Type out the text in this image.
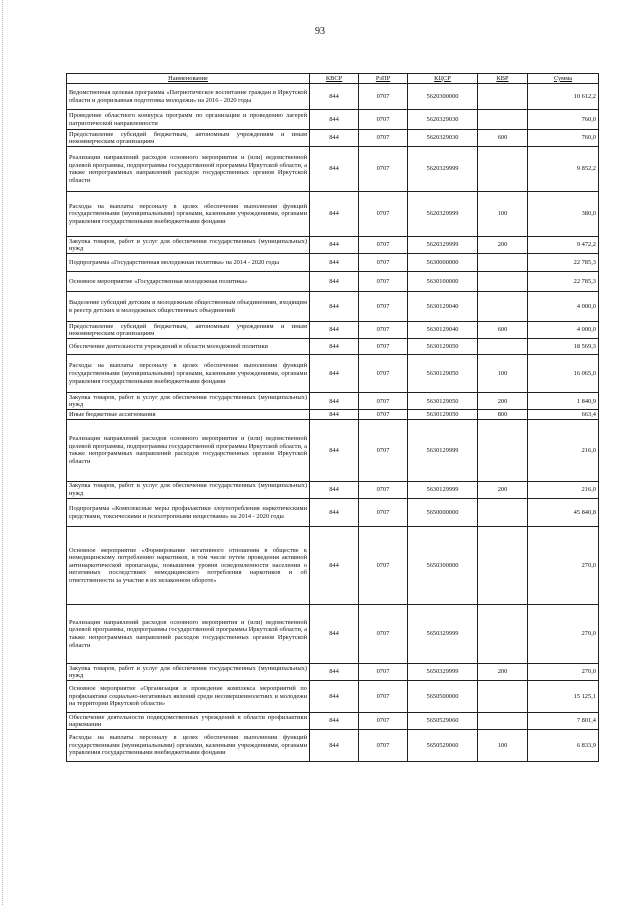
93
Наименование	КВСР	РзПР	КЦСР	КВР	Сумма
Ведомственная целевая программа «Патриотическое воспитание граждан в Иркутской области и допризывная подготовка молодежи» на 2016 - 2020 годы	844	0707	5620300000		10 612,2
Проведение областного конкурса программ по организации и проведению лагерей патриотической направленности	844	0707	5620329030		760,0
Предоставление субсидий бюджетным, автономным учреждениям и иным некоммерческим организациям	844	0707	5620329030	600	760,0
Реализация направлений расходов основного мероприятия и (или) ведомственной целевой программы, подпрограммы государственной программы Иркутской области, а также непрограммных направлений расходов государственных органов Иркутской области	844	0707	5620329999		9 852,2
Расходы на выплаты персоналу в целях обеспечения выполнения функций государственными (муниципальными) органами, казенными учреждениями, органами управления государственными внебюджетными фондами	844	0707	5620329999	100	380,0
Закупка товаров, работ и услуг для обеспечения государственных (муниципальных) нужд	844	0707	5620329999	200	9 472,2
Подпрограмма «Государственная молодежная политика» на 2014 - 2020 годы	844	0707	5630000000		22 785,3
Основное мероприятие «Государственная молодежная политика»	844	0707	5630100000		22 785,3
Выделение субсидий детским и молодежным общественным объединениям, входящим в реестр детских и молодежных общественных объединений	844	0707	5630129040		4 000,0
Предоставление субсидий бюджетным, автономным учреждениям и иным некоммерческим организациям	844	0707	5630129040	600	4 000,0
Обеспечение деятельности учреждений в области молодежной политики	844	0707	5630129050		18 569,3
Расходы на выплаты персоналу в целях обеспечения выполнения функций государственными (муниципальными) органами, казенными учреждениями, органами управления государственными внебюджетными фондами	844	0707	5630129050	100	16 065,0
Закупка товаров, работ и услуг для обеспечения государственных (муниципальных) нужд	844	0707	5630129050	200	1 840,9
Иные бюджетные ассигнования	844	0707	5630129050	800	663,4
Реализация направлений расходов основного мероприятия и (или) ведомственной целевой программы, подпрограммы государственной программы Иркутской области, а также непрограммных направлений расходов государственных органов Иркутской области	844	0707	5630129999		216,0
Закупка товаров, работ и услуг для обеспечения государственных (муниципальных) нужд	844	0707	5630129999	200	216,0
Подпрограмма «Комплексные меры профилактики злоупотребления наркотическими средствами, токсическими и психотропными веществами» на 2014 - 2020 годы	844	0707	5650000000		45 840,8
Основное мероприятие «Формирование негативного отношения в обществе к немедицинскому потреблению наркотиков, в том числе путем проведения активной антинаркотической пропаганды, повышения уровня осведомленности населения о негативных последствиях немедицинского потребления наркотиков и об ответственности за участие в их незаконном обороте»	844	0707	5650300000		270,0
Реализация направлений расходов основного мероприятия и (или) ведомственной целевой программы, подпрограммы государственной программы Иркутской области, а также непрограммных направлений расходов государственных органов Иркутской области	844	0707	5650329999		270,0
Закупка товаров, работ и услуг для обеспечения государственных (муниципальных) нужд	844	0707	5650329999	200	270,0
Основное мероприятие «Организация и проведение комплекса мероприятий по профилактике социально-негативных явлений среди несовершеннолетних и молодежи на территории Иркутской области»	844	0707	5650500000		15 125,1
Обеспечение деятельности подведомственных учреждений в области профилактики наркомании	844	0707	5650529060		7 801,4
Расходы на выплаты персоналу в целях обеспечения выполнения функций государственными (муниципальными) органами, казенными учреждениями, органами управления государственными внебюджетными фондами	844	0707	5650529060	100	6 833,9
